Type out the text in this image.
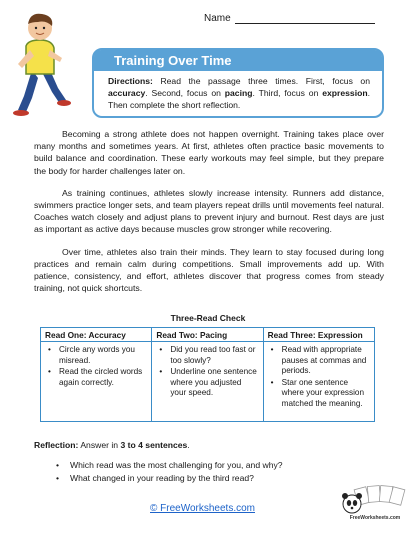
Name
Training Over Time
Directions: Read the passage three times. First, focus on accuracy. Second, focus on pacing. Third, focus on expression. Then complete the short reflection.

Becoming a strong athlete does not happen overnight. Training takes place over many months and sometimes years. At first, athletes often practice basic movements to build balance and coordination. These early workouts may feel simple, but they prepare the body for harder challenges later on.

As training continues, athletes slowly increase intensity. Runners add distance, swimmers practice longer sets, and team players repeat drills until movements feel natural. Coaches watch closely and adjust plans to prevent injury and burnout. Rest days are just as important as active days because muscles grow stronger while recovering.

Over time, athletes also train their minds. They learn to stay focused during long practices and remain calm during competitions. Small improvements add up. With patience, consistency, and effort, athletes discover that progress comes from steady training, not quick shortcuts.

Three-Read Check
Read One: Accuracy
• Circle any words you misread.
• Read the circled words again correctly.
Read Two: Pacing
• Did you read too fast or too slowly?
• Underline one sentence where you adjusted your speed.
Read Three: Expression
• Read with appropriate pauses at commas and periods.
• Star one sentence where your expression matched the meaning.
Reflection: Answer in 3 to 4 sentences.
• Which read was the most challenging for you, and why?
• What changed in your reading by the third read?
© FreeWorksheets.com
FreeWorksheets.com
